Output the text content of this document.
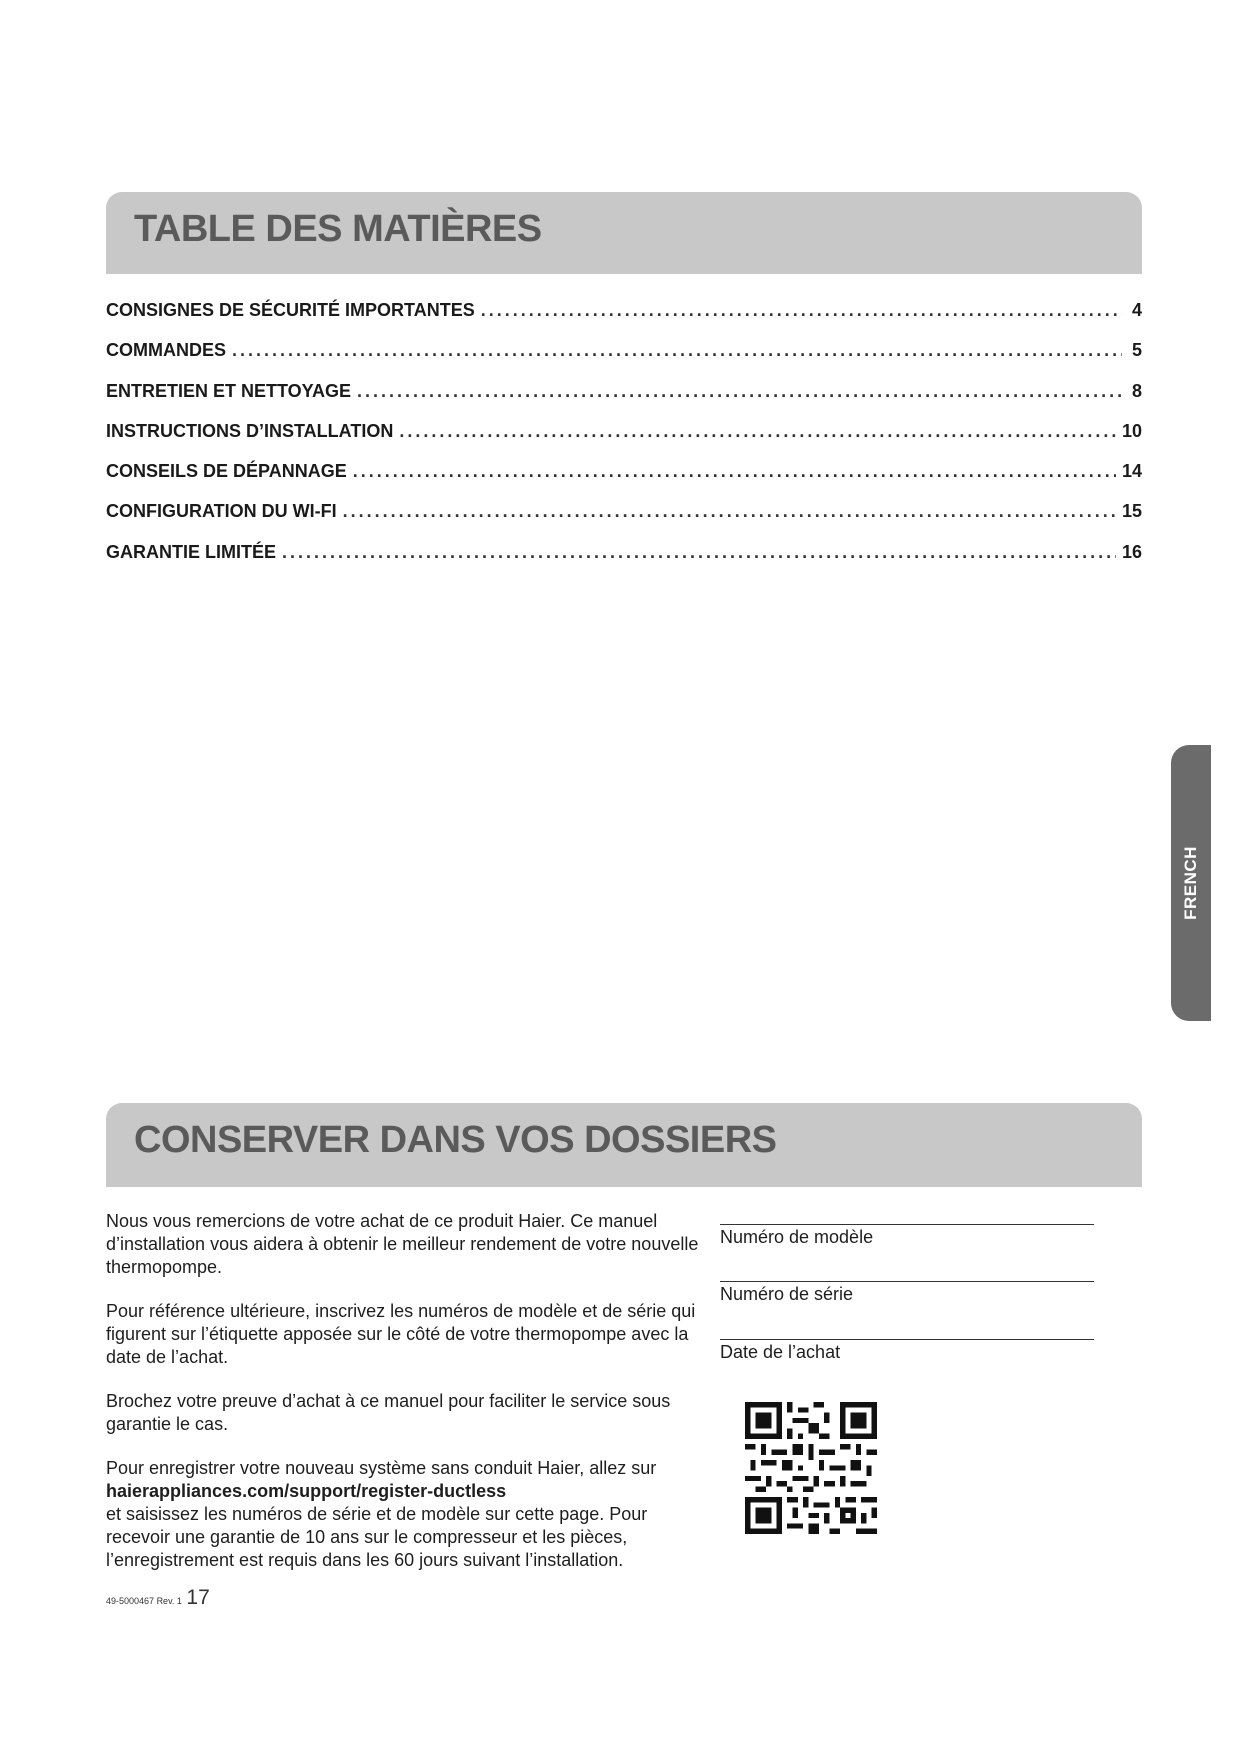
TABLE DES MATIÈRES
CONSIGNES DE SÉCURITÉ IMPORTANTES .....	4
COMMANDES .....	5
ENTRETIEN ET NETTOYAGE .....	8
INSTRUCTIONS D’INSTALLATION .....	10
CONSEILS DE DÉPANNAGE .....	14
CONFIGURATION DU WI-FI .....	15
GARANTIE LIMITÉE .....	16
FRENCH
CONSERVER DANS VOS DOSSIERS

Nous vous remercions de votre achat de ce produit Haier. Ce manuel d’installation vous aidera à obtenir le meilleur rendement de votre nouvelle thermopompe.

Pour référence ultérieure, inscrivez les numéros de modèle et de série qui figurent sur l’étiquette apposée sur le côté de votre thermopompe avec la date de l’achat.

Brochez votre preuve d’achat à ce manuel pour faciliter le service sous garantie le cas.

Pour enregistrer votre nouveau système sans conduit Haier, allez sur
haierappliances.com/support/register-ductless
et saisissez les numéros de série et de modèle sur cette page. Pour recevoir une garantie de 10 ans sur le compresseur et les pièces, l’enregistrement est requis dans les 60 jours suivant l’installation.

Numéro de modèle
Numéro de série
Date de l’achat
49-5000467 Rev. 1 17
